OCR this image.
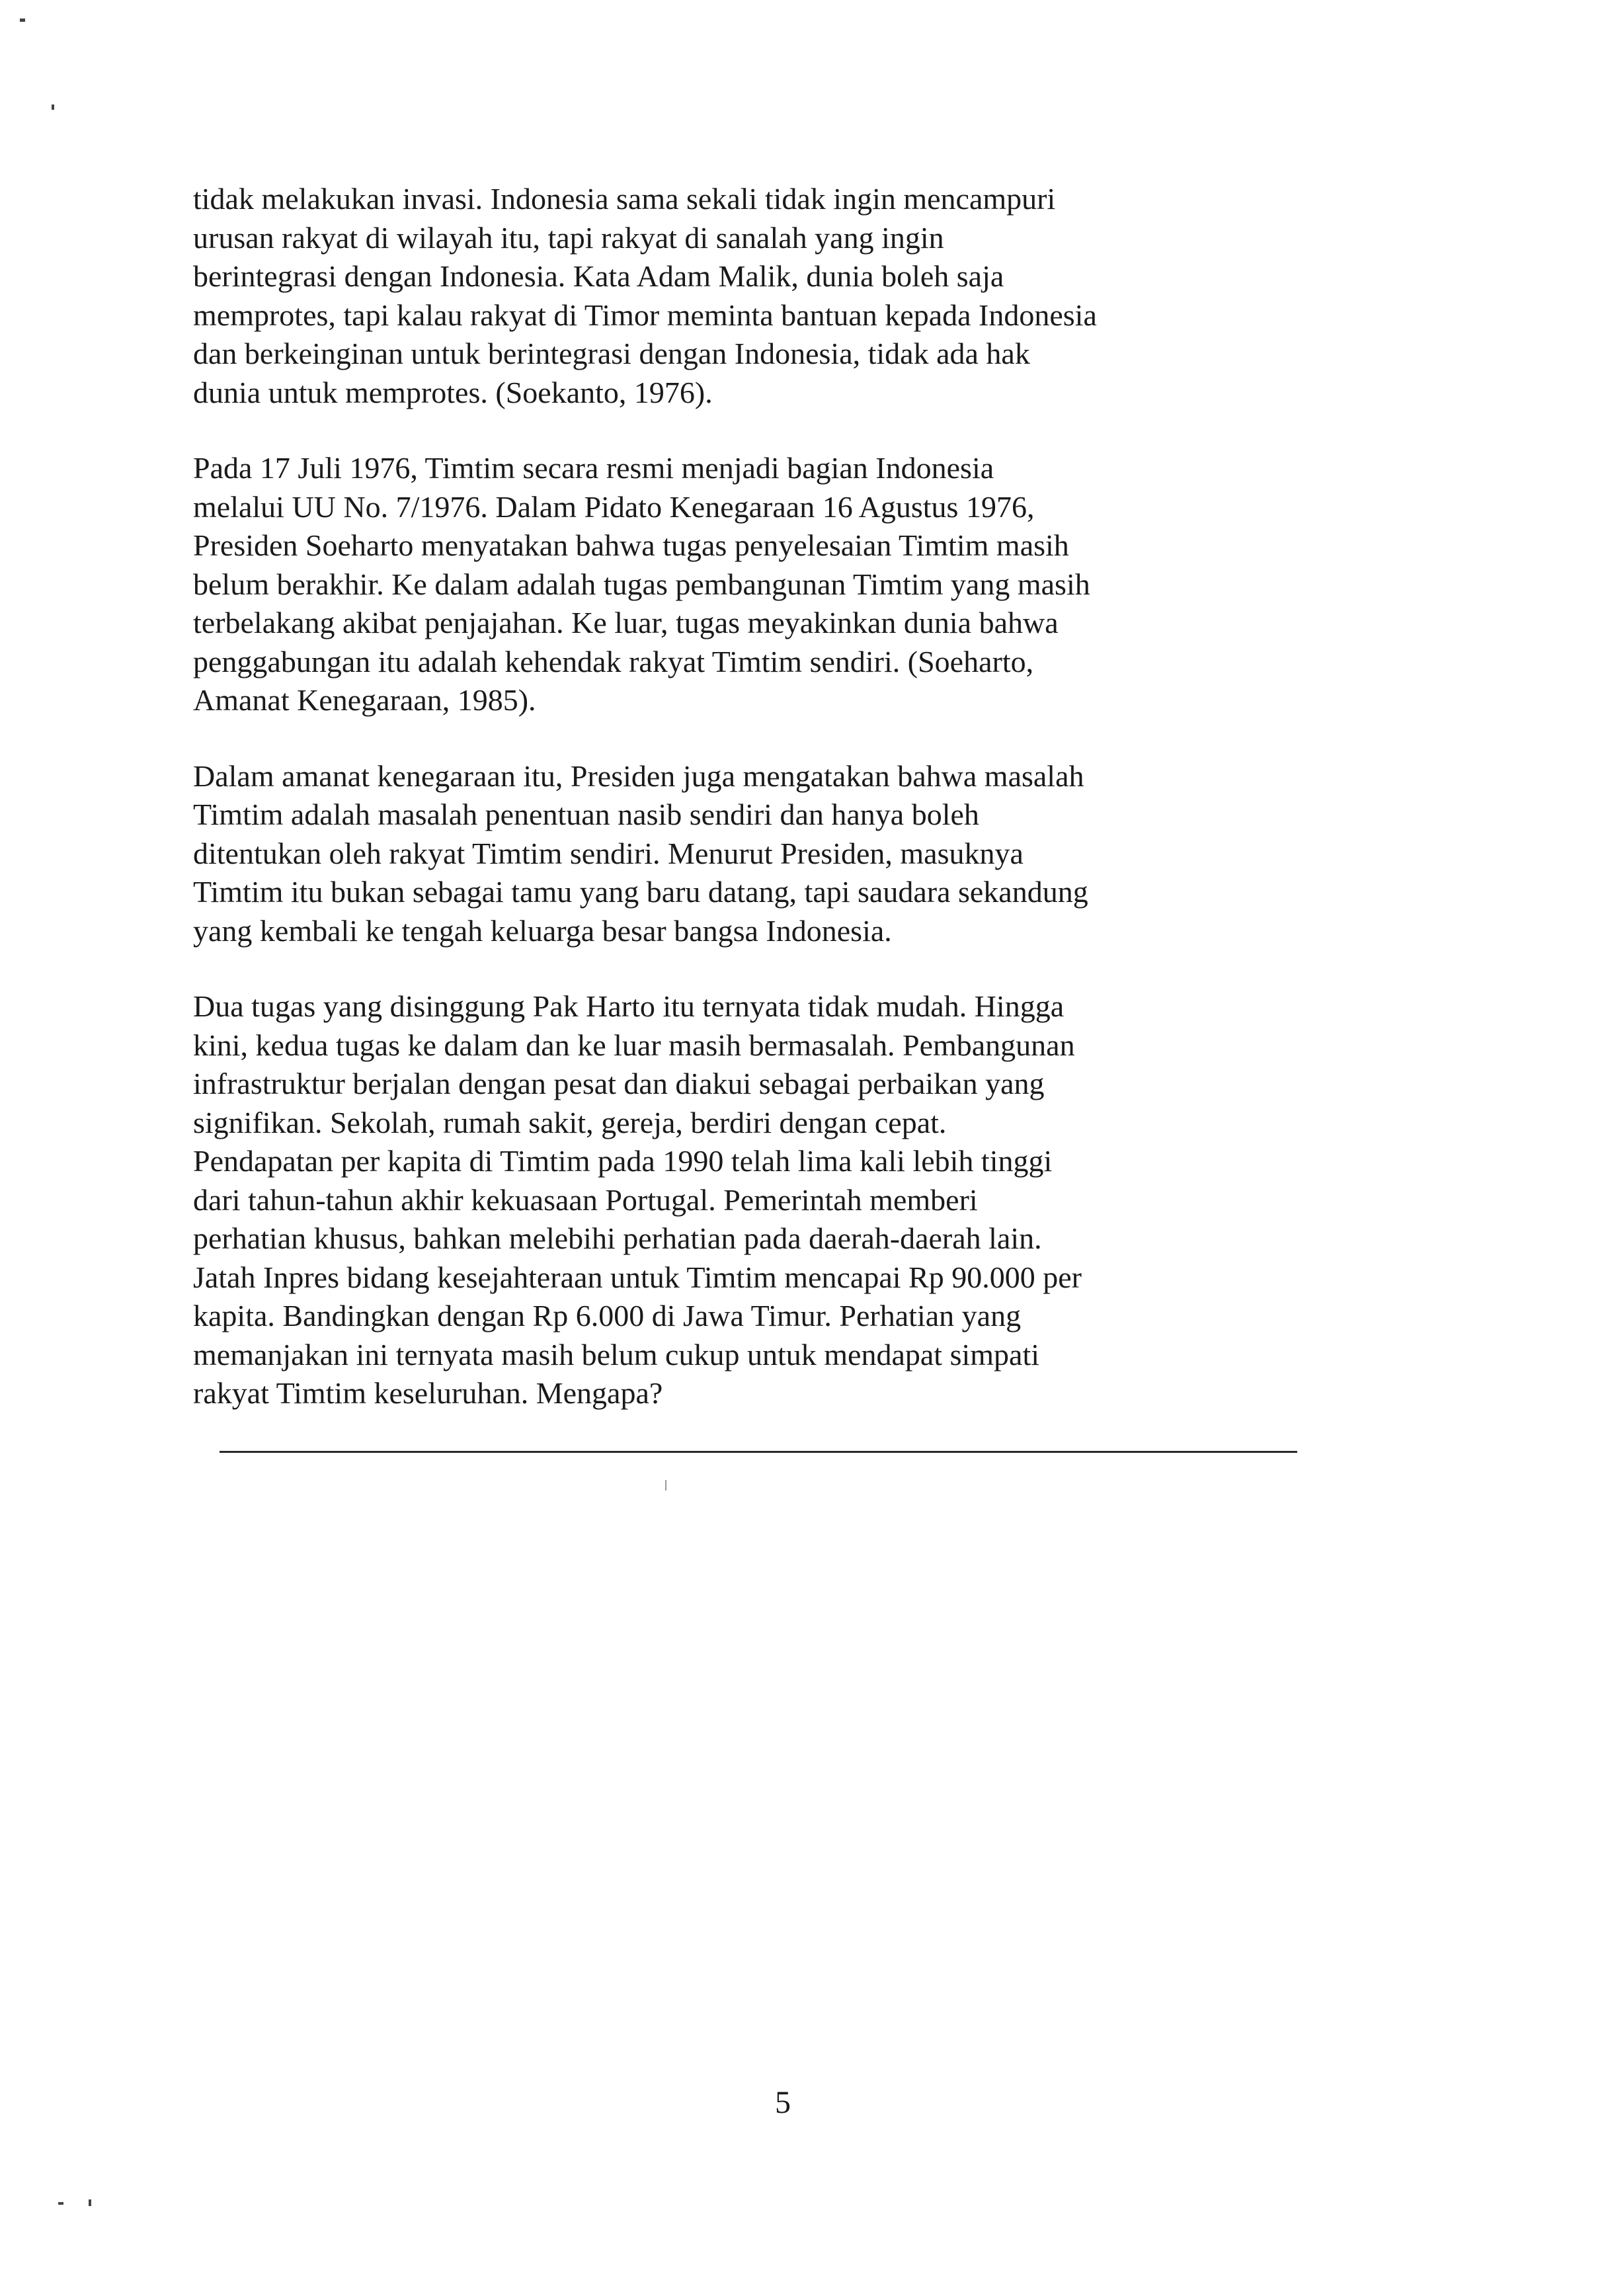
tidak melakukan invasi. Indonesia sama sekali tidak ingin mencampuri
urusan rakyat di wilayah itu, tapi rakyat di sanalah yang ingin
berintegrasi dengan Indonesia. Kata Adam Malik, dunia boleh saja
memprotes, tapi kalau rakyat di Timor meminta bantuan kepada Indonesia
dan berkeinginan untuk berintegrasi dengan Indonesia, tidak ada hak
dunia untuk memprotes. (Soekanto, 1976).

Pada 17 Juli 1976, Timtim secara resmi menjadi bagian Indonesia
melalui UU No. 7/1976. Dalam Pidato Kenegaraan 16 Agustus 1976,
Presiden Soeharto menyatakan bahwa tugas penyelesaian Timtim masih
belum berakhir. Ke dalam adalah tugas pembangunan Timtim yang masih
terbelakang akibat penjajahan. Ke luar, tugas meyakinkan dunia bahwa
penggabungan itu adalah kehendak rakyat Timtim sendiri. (Soeharto,
Amanat Kenegaraan, 1985).

Dalam amanat kenegaraan itu, Presiden juga mengatakan bahwa masalah
Timtim adalah masalah penentuan nasib sendiri dan hanya boleh
ditentukan oleh rakyat Timtim sendiri. Menurut Presiden, masuknya
Timtim itu bukan sebagai tamu yang baru datang, tapi saudara sekandung
yang kembali ke tengah keluarga besar bangsa Indonesia.

Dua tugas yang disinggung Pak Harto itu ternyata tidak mudah. Hingga
kini, kedua tugas ke dalam dan ke luar masih bermasalah. Pembangunan
infrastruktur berjalan dengan pesat dan diakui sebagai perbaikan yang
signifikan. Sekolah, rumah sakit, gereja, berdiri dengan cepat.
Pendapatan per kapita di Timtim pada 1990 telah lima kali lebih tinggi
dari tahun-tahun akhir kekuasaan Portugal. Pemerintah memberi
perhatian khusus, bahkan melebihi perhatian pada daerah-daerah lain.
Jatah Inpres bidang kesejahteraan untuk Timtim mencapai Rp 90.000 per
kapita. Bandingkan dengan Rp 6.000 di Jawa Timur. Perhatian yang
memanjakan ini ternyata masih belum cukup untuk mendapat simpati
rakyat Timtim keseluruhan. Mengapa?

5
